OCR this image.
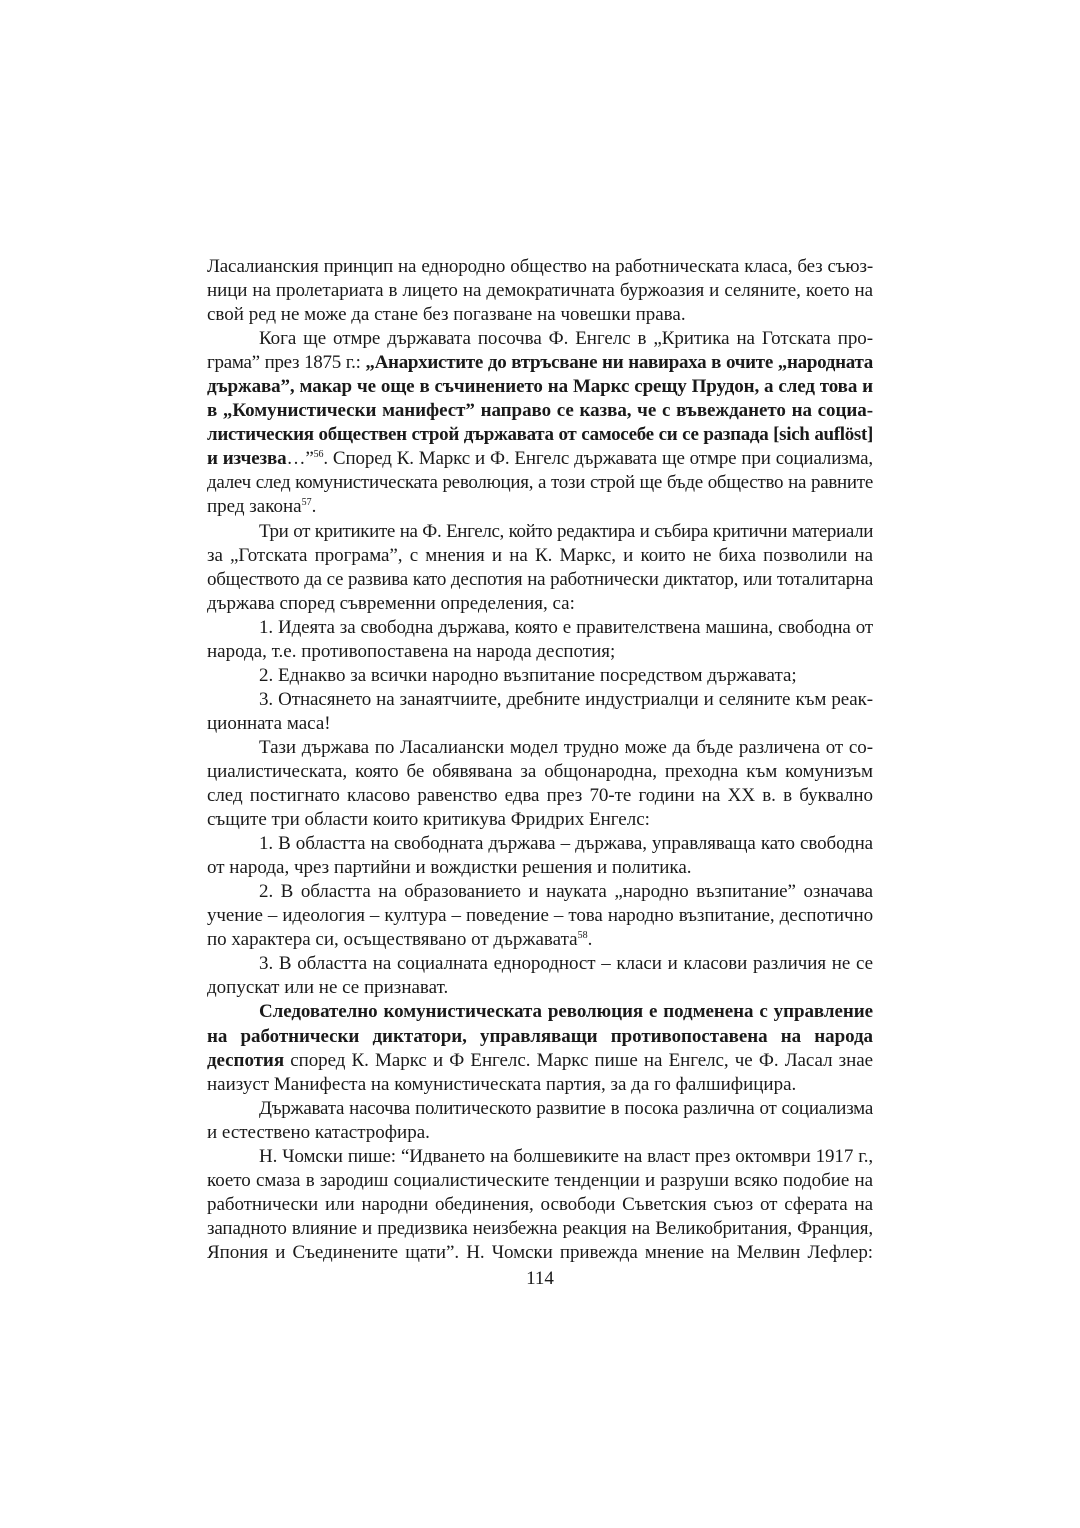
Ласалианския принцип на еднородно общество на работническата класа, без съюз-
ници на пролетариата в лицето на демократичната буржоазия и селяните, което на
свой ред не може да стане без погазване на човешки права.
Кога ще отмре държавата посочва Ф. Енгелс в „Критика на Готската про-
грама” през 1875 г.: „Анархистите до втръсване ни навираха в очите „народната
държава”, макар че още в съчинението на Маркс срещу Прудон, а след това и
в „Комунистически манифест” направо се казва, че с въвеждането на социа-
листическия обществен строй държавата от самосебе си се разпада [sich auflöst]
и изчезва…”$^{56}$. Според К. Маркс и Ф. Енгелс държавата ще отмре при социализма,
далеч след комунистическата революция, а този строй ще бъде общество на равните
пред закона$^{57}$.
Три от критиките на Ф. Енгелс, който редактира и събира критични материали
за „Готската програма”, с мнения и на К. Маркс, и които не биха позволили на
обществото да се развива като деспотия на работнически диктатор, или тоталитарна
държава според съвременни определения, са:
1. Идеята за свободна държава, която е правителствена машина, свободна от
народа, т.е. противопоставена на народа деспотия;
2. Еднакво за всички народно възпитание посредством държавата;
3. Отнасянето на занаятчиите, дребните индустриалци и селяните към реак-
ционната маса!
Тази държава по Ласалиански модел трудно може да бъде различена от со-
циалистическата, която бе обявявана за общонародна, преходна към комунизъм
след постигнато класово равенство едва през 70-те години на XX в. в буквално
същите три области които критикува Фридрих Енгелс:
1. В областта на свободната държава – държава, управляваща като свободна
от народа, чрез партийни и вождистки решения и политика.
2. В областта на образованието и науката „народно възпитание” означава
учение – идеология – култура – поведение – това народно възпитание, деспотично
по характера си, осъществявано от държавата$^{58}$.
3. В областта на социалната еднородност – класи и класови различия не се
допускат или не се признават.
Следователно комунистическата революция е подменена с управление
на работнически диктатори, управляващи противопоставена на народа
деспотия според К. Маркс и Ф Енгелс. Маркс пише на Енгелс, че Ф. Ласал знае
наизуст Манифеста на комунистическата партия, за да го фалшифицира.
Държавата насочва политическото развитие в посока различна от социализма
и естествено катастрофира.
Н. Чомски пише: “Идването на болшевиките на власт през октомври 1917 г.,
което смаза в зародиш социалистическите тенденции и разруши всяко подобие на
работнически или народни обединения, освободи Съветския съюз от сферата на
западното влияние и предизвика неизбежна реакция на Великобритания, Франция,
Япония и Съединените щати”. Н. Чомски привежда мнение на Мелвин Лефлер:
114
